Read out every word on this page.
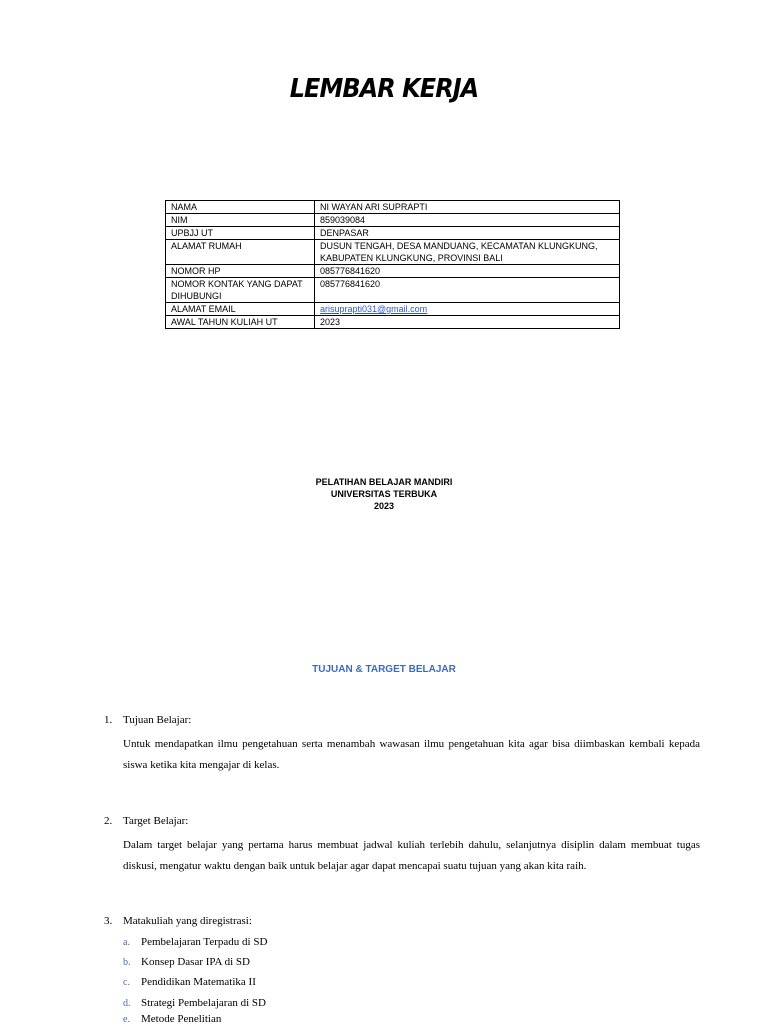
LEMBAR KERJA
NAMA	NI WAYAN ARI SUPRAPTI
NIM	859039084
UPBJJ UT	DENPASAR
ALAMAT RUMAH	DUSUN TENGAH, DESA MANDUANG, KECAMATAN KLUNGKUNG, KABUPATEN KLUNGKUNG, PROVINSI BALI
NOMOR HP	085776841620
NOMOR KONTAK YANG DAPAT DIHUBUNGI	085776841620
ALAMAT EMAIL	arisuprapti031@gmail.com
AWAL TAHUN KULIAH UT	2023
PELATIHAN BELAJAR MANDIRI
UNIVERSITAS TERBUKA
2023
TUJUAN & TARGET BELAJAR
1. Tujuan Belajar:
Untuk mendapatkan ilmu pengetahuan serta menambah wawasan ilmu pengetahuan kita agar bisa diimbaskan kembali kepada siswa ketika kita mengajar di kelas.
2. Target Belajar:
Dalam target belajar yang pertama harus membuat jadwal kuliah terlebih dahulu, selanjutnya disiplin dalam membuat tugas diskusi, mengatur waktu dengan baik untuk belajar agar dapat mencapai suatu tujuan yang akan kita raih.
3. Matakuliah yang diregistrasi:
a. Pembelajaran Terpadu di SD
b. Konsep Dasar IPA di SD
c. Pendidikan Matematika II
d. Strategi Pembelajaran di SD
e. Metode Penelitian
